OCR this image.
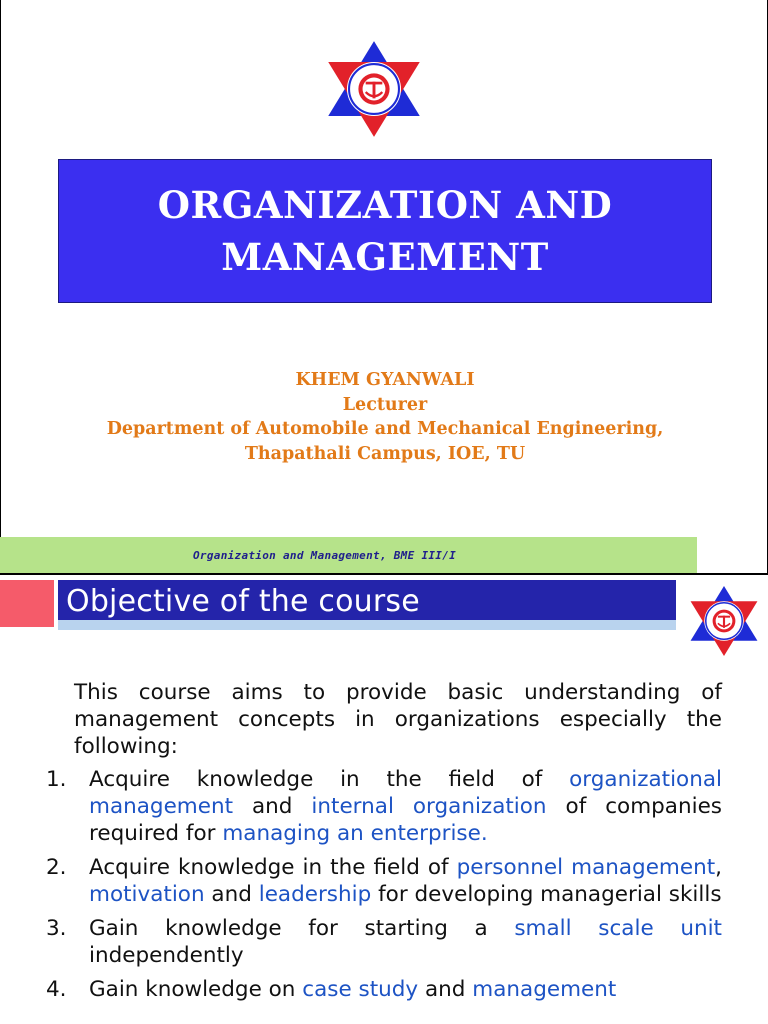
ORGANIZATION AND
MANAGEMENT
KHEM GYANWALI
Lecturer
Department of Automobile and Mechanical Engineering,
Thapathali Campus, IOE, TU
Organization and Management, BME III/I
Objective of the course

This course aims to provide basic understanding of management concepts in organizations especially the following:

1.	Acquire knowledge in the field of organizational management and internal organization of companies required for managing an enterprise.
2.	Acquire knowledge in the field of personnel management, motivation and leadership for developing managerial skills
3.	Gain knowledge for starting a small scale unit independently
4.	Gain knowledge on case study and management
